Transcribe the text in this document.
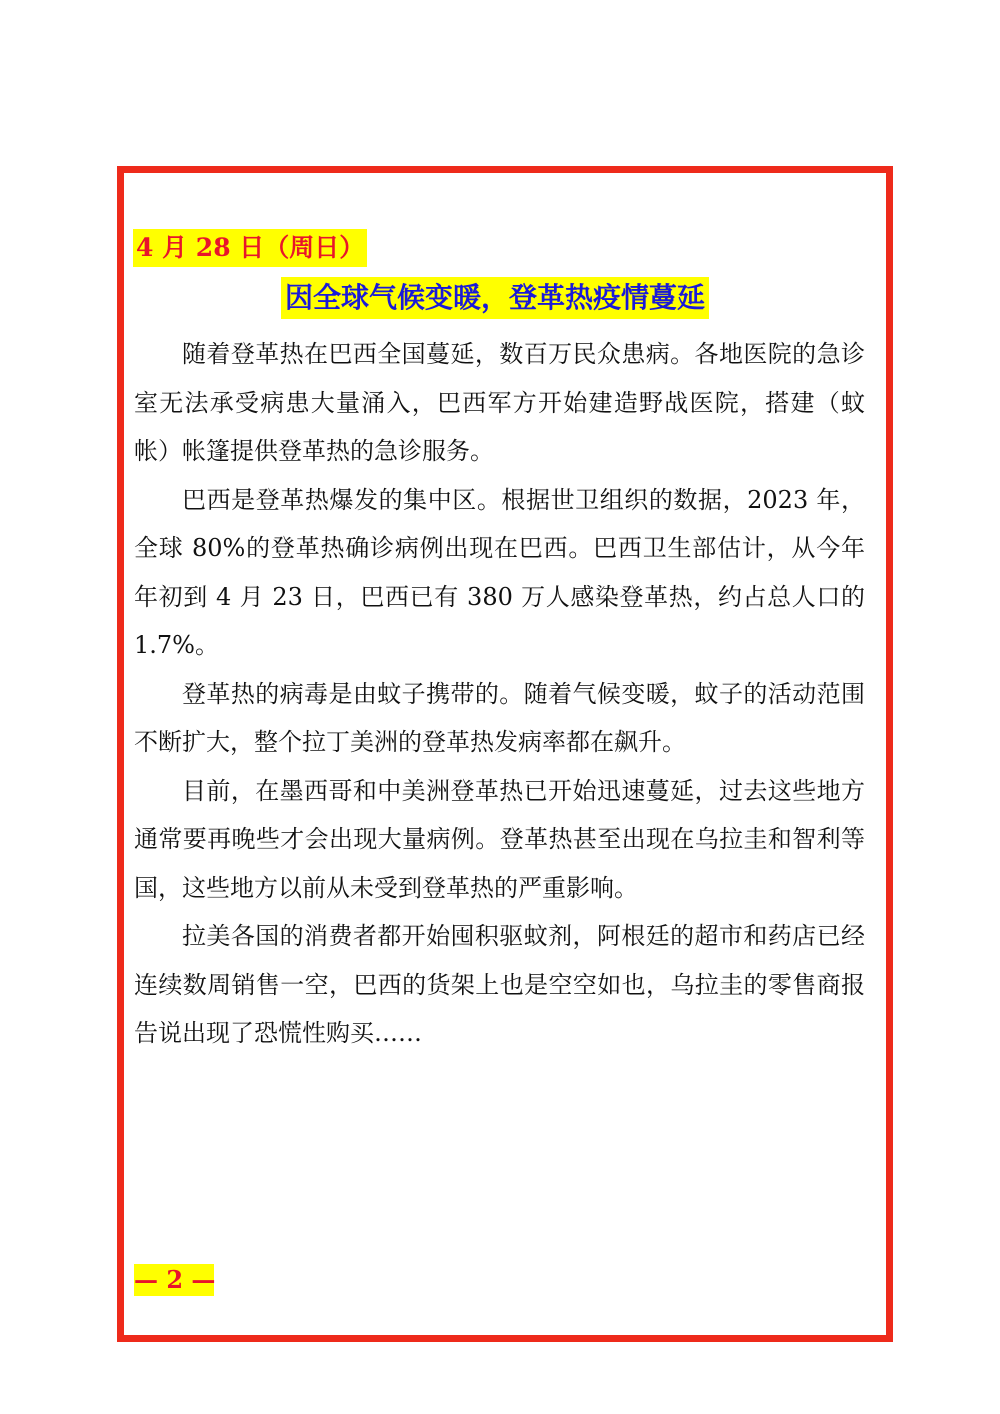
4 月 28 日（周日）
因全球气候变暖，登革热疫情蔓延

随着登革热在巴西全国蔓延，数百万民众患病。各地医院的急诊室无法承受病患大量涌入，巴西军方开始建造野战医院，搭建（蚊帐）帐篷提供登革热的急诊服务。

巴西是登革热爆发的集中区。根据世卫组织的数据，2023 年，全球 80%的登革热确诊病例出现在巴西。巴西卫生部估计，从今年年初到 4 月 23 日，巴西已有 380 万人感染登革热，约占总人口的 1.7%。

登革热的病毒是由蚊子携带的。随着气候变暖，蚊子的活动范围不断扩大，整个拉丁美洲的登革热发病率都在飙升。

目前，在墨西哥和中美洲登革热已开始迅速蔓延，过去这些地方通常要再晚些才会出现大量病例。登革热甚至出现在乌拉圭和智利等国，这些地方以前从未受到登革热的严重影响。

拉美各国的消费者都开始囤积驱蚊剂，阿根廷的超市和药店已经连续数周销售一空，巴西的货架上也是空空如也，乌拉圭的零售商报告说出现了恐慌性购买……

— 2 —
